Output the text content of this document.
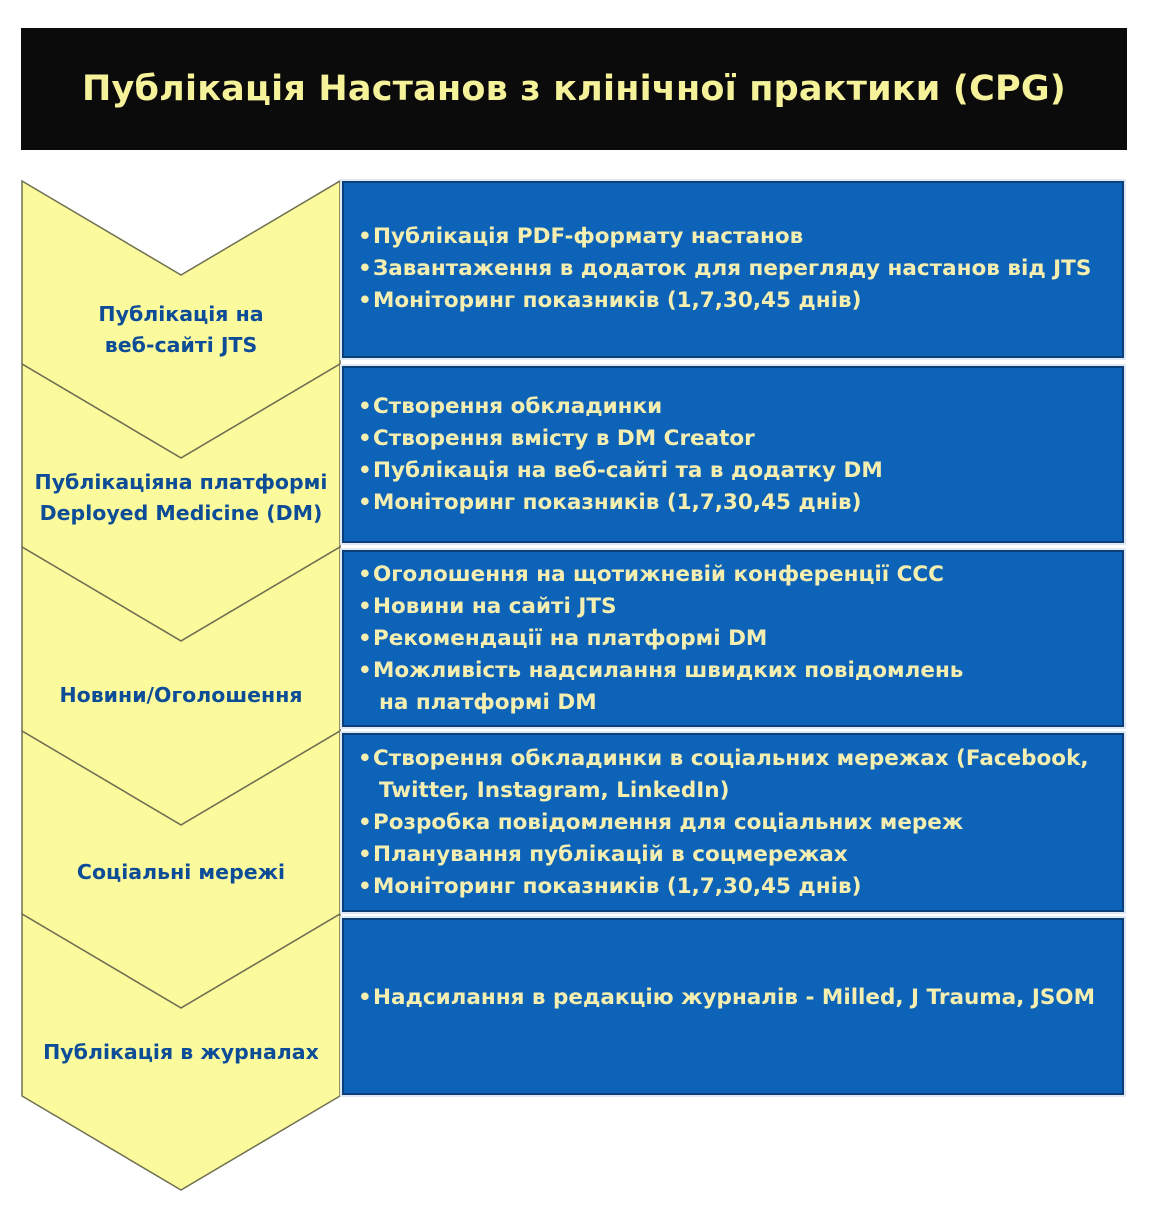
Публікація Настанов з клінічної практики (CPG)
Публікація на
веб-сайті JTS
• Публікація PDF-формату настанов
• Завантаження в додаток для перегляду настанов від JTS
• Моніторинг показників (1,7,30,45 днів)
Публікаціяна платформі
Deployed Medicine (DM)
• Створення обкладинки
• Створення вмісту в DM Creator
• Публікація на веб-сайті та в додатку DM
• Моніторинг показників (1,7,30,45 днів)
Новини/Оголошення
• Оголошення на щотижневій конференції CCC
• Новини на сайті JTS
• Рекомендації на платформі DM
• Можливість надсилання швидких повідомлень
на платформі DM
Соціальні мережі
• Створення обкладинки в соціальних мережах (Facebook,
Twitter, Instagram, LinkedIn)
• Розробка повідомлення для соціальних мереж
• Планування публікацій в соцмережах
• Моніторинг показників (1,7,30,45 днів)
Публікація в журналах
• Надсилання в редакцію журналів - Milled, J Trauma, JSOM
